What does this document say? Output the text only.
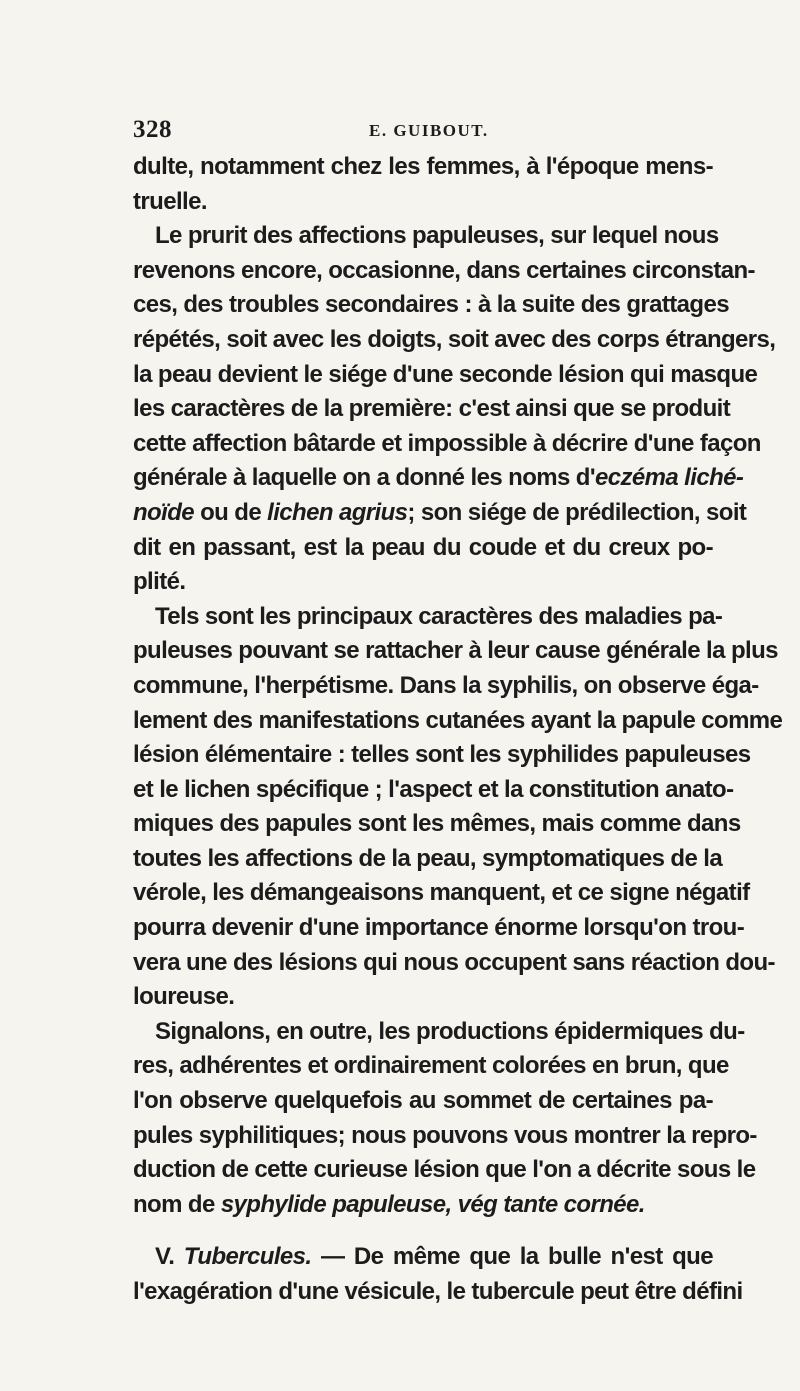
328	E. GUIBOUT.
dulte, notamment chez les femmes, à l'époque mens-
truelle.
Le prurit des affections papuleuses, sur lequel nous
revenons encore, occasionne, dans certaines circonstan-
ces, des troubles secondaires : à la suite des grattages
répétés, soit avec les doigts, soit avec des corps étrangers,
la peau devient le siége d'une seconde lésion qui masque
les caractères de la première: c'est ainsi que se produit
cette affection bâtarde et impossible à décrire d'une façon
générale à laquelle on a donné les noms d'eczéma liché-
noïde ou de lichen agrius; son siége de prédilection, soit
dit en passant, est la peau du coude et du creux po-
plité.
Tels sont les principaux caractères des maladies pa-
puleuses pouvant se rattacher à leur cause générale la plus
commune, l'herpétisme. Dans la syphilis, on observe éga-
lement des manifestations cutanées ayant la papule comme
lésion élémentaire : telles sont les syphilides papuleuses
et le lichen spécifique ; l'aspect et la constitution anato-
miques des papules sont les mêmes, mais comme dans
toutes les affections de la peau, symptomatiques de la
vérole, les démangeaisons manquent, et ce signe négatif
pourra devenir d'une importance énorme lorsqu'on trou-
vera une des lésions qui nous occupent sans réaction dou-
loureuse.
Signalons, en outre, les productions épidermiques du-
res, adhérentes et ordinairement colorées en brun, que
l'on observe quelquefois au sommet de certaines pa-
pules syphilitiques; nous pouvons vous montrer la repro-
duction de cette curieuse lésion que l'on a décrite sous le
nom de syphylide papuleuse, vég tante cornée.
V. Tubercules. — De même que la bulle n'est que
l'exagération d'une vésicule, le tubercule peut être défini
